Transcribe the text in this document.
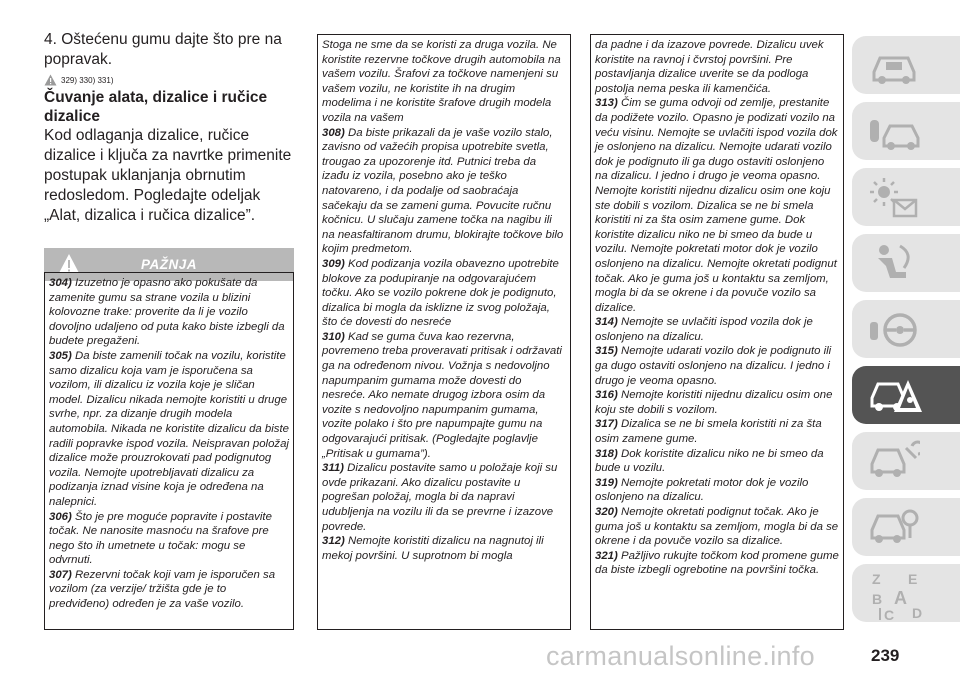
4. Oštećenu gumu dajte što pre na popravak.

329) 330) 331)
Čuvanje alata, dizalice i ručice dizalice

Kod odlaganja dizalice, ručice dizalice i ključa za navrtke primenite postupak uklanjanja obrnutim redosledom. Pogledajte odeljak „Alat, dizalica i ručica dizalice”.

PAŽNJA

304) Izuzetno je opasno ako pokušate da zamenite gumu sa strane vozila u blizini kolovozne trake: proverite da li je vozilo dovoljno udaljeno od puta kako biste izbegli da budete pregaženi.

305) Da biste zamenili točak na vozilu, koristite samo dizalicu koja vam je isporučena sa vozilom, ili dizalicu iz vozila koje je sličan model. Dizalicu nikada nemojte koristiti u druge svrhe, npr. za dizanje drugih modela automobila. Nikada ne koristite dizalicu da biste radili popravke ispod vozila. Neispravan položaj dizalice može prouzrokovati pad podignutog vozila. Nemojte upotrebljavati dizalicu za podizanja iznad visine koja je određena na nalepnici.

306) Što je pre moguće popravite i postavite točak. Ne nanosite masnoću na šrafove pre nego što ih umetnete u točak: mogu se odvrnuti.

307) Rezervni točak koji vam je isporučen sa vozilom (za verzije/ tržišta gde je to predviđeno) određen je za vaše vozilo.

Stoga ne sme da se koristi za druga vozila. Ne koristite rezervne točkove drugih automobila na vašem vozilu. Šrafovi za točkove namenjeni su vašem vozilu, ne koristite ih na drugim modelima i ne koristite šrafove drugih modela vozila na vašem

308) Da biste prikazali da je vaše vozilo stalo, zavisno od važećih propisa upotrebite svetla, trougao za upozorenje itd. Putnici treba da izađu iz vozila, posebno ako je teško natovareno, i da podalje od saobraćaja sačekaju da se zameni guma. Povucite ručnu kočnicu. U slučaju zamene točka na nagibu ili na neasfaltiranom drumu, blokirajte točkove bilo kojim predmetom.

309) Kod podizanja vozila obavezno upotrebite blokove za podupiranje na odgovarajućem točku. Ako se vozilo pokrene dok je podignuto, dizalica bi mogla da isklizne iz svog položaja, što će dovesti do nesreće

310) Kad se guma čuva kao rezervna, povremeno treba proveravati pritisak i održavati ga na određenom nivou. Vožnja s nedovoljno napumpanim gumama može dovesti do nesreće. Ako nemate drugog izbora osim da vozite s nedovoljno napumpanim gumama, vozite polako i što pre napumpajte gumu na odgovarajući pritisak. (Pogledajte poglavlje „Pritisak u gumama”).

311) Dizalicu postavite samo u položaje koji su ovde prikazani. Ako dizalicu postavite u pogrešan položaj, mogla bi da napravi udubljenja na vozilu ili da se prevrne i izazove povrede.

312) Nemojte koristiti dizalicu na nagnutoj ili mekoj površini. U suprotnom bi mogla

da padne i da izazove povrede. Dizalicu uvek koristite na ravnoj i čvrstoj površini. Pre postavljanja dizalice uverite se da podloga postolja nema peska ili kamenčića.

313) Čim se guma odvoji od zemlje, prestanite da podižete vozilo. Opasno je podizati vozilo na veću visinu. Nemojte se uvlačiti ispod vozila dok je oslonjeno na dizalicu. Nemojte udarati vozilo dok je podignuto ili ga dugo ostaviti oslonjeno na dizalicu. I jedno i drugo je veoma opasno. Nemojte koristiti nijednu dizalicu osim one koju ste dobili s vozilom. Dizalica se ne bi smela koristiti ni za šta osim zamene gume. Dok koristite dizalicu niko ne bi smeo da bude u vozilu. Nemojte pokretati motor dok je vozilo oslonjeno na dizalicu. Nemojte okretati podignut točak. Ako je guma još u kontaktu sa zemljom, mogla bi da se okrene i da povuče vozilo sa dizalice.

314) Nemojte se uvlačiti ispod vozila dok je oslonjeno na dizalicu.

315) Nemojte udarati vozilo dok je podignuto ili ga dugo ostaviti oslonjeno na dizalicu. I jedno i drugo je veoma opasno.

316) Nemojte koristiti nijednu dizalicu osim one koju ste dobili s vozilom.

317) Dizalica se ne bi smela koristiti ni za šta osim zamene gume.

318) Dok koristite dizalicu niko ne bi smeo da bude u vozilu.

319) Nemojte pokretati motor dok je vozilo oslonjeno na dizalicu.

320) Nemojte okretati podignut točak. Ako je guma još u kontaktu sa zemljom, mogla bi da se okrene i da povuče vozilo sa dizalice.

321) Pažljivo rukujte točkom kod promene gume da biste izbegli ogrebotine na površini točka.

Z E
B A
C D
carmanualsonline.info	239
